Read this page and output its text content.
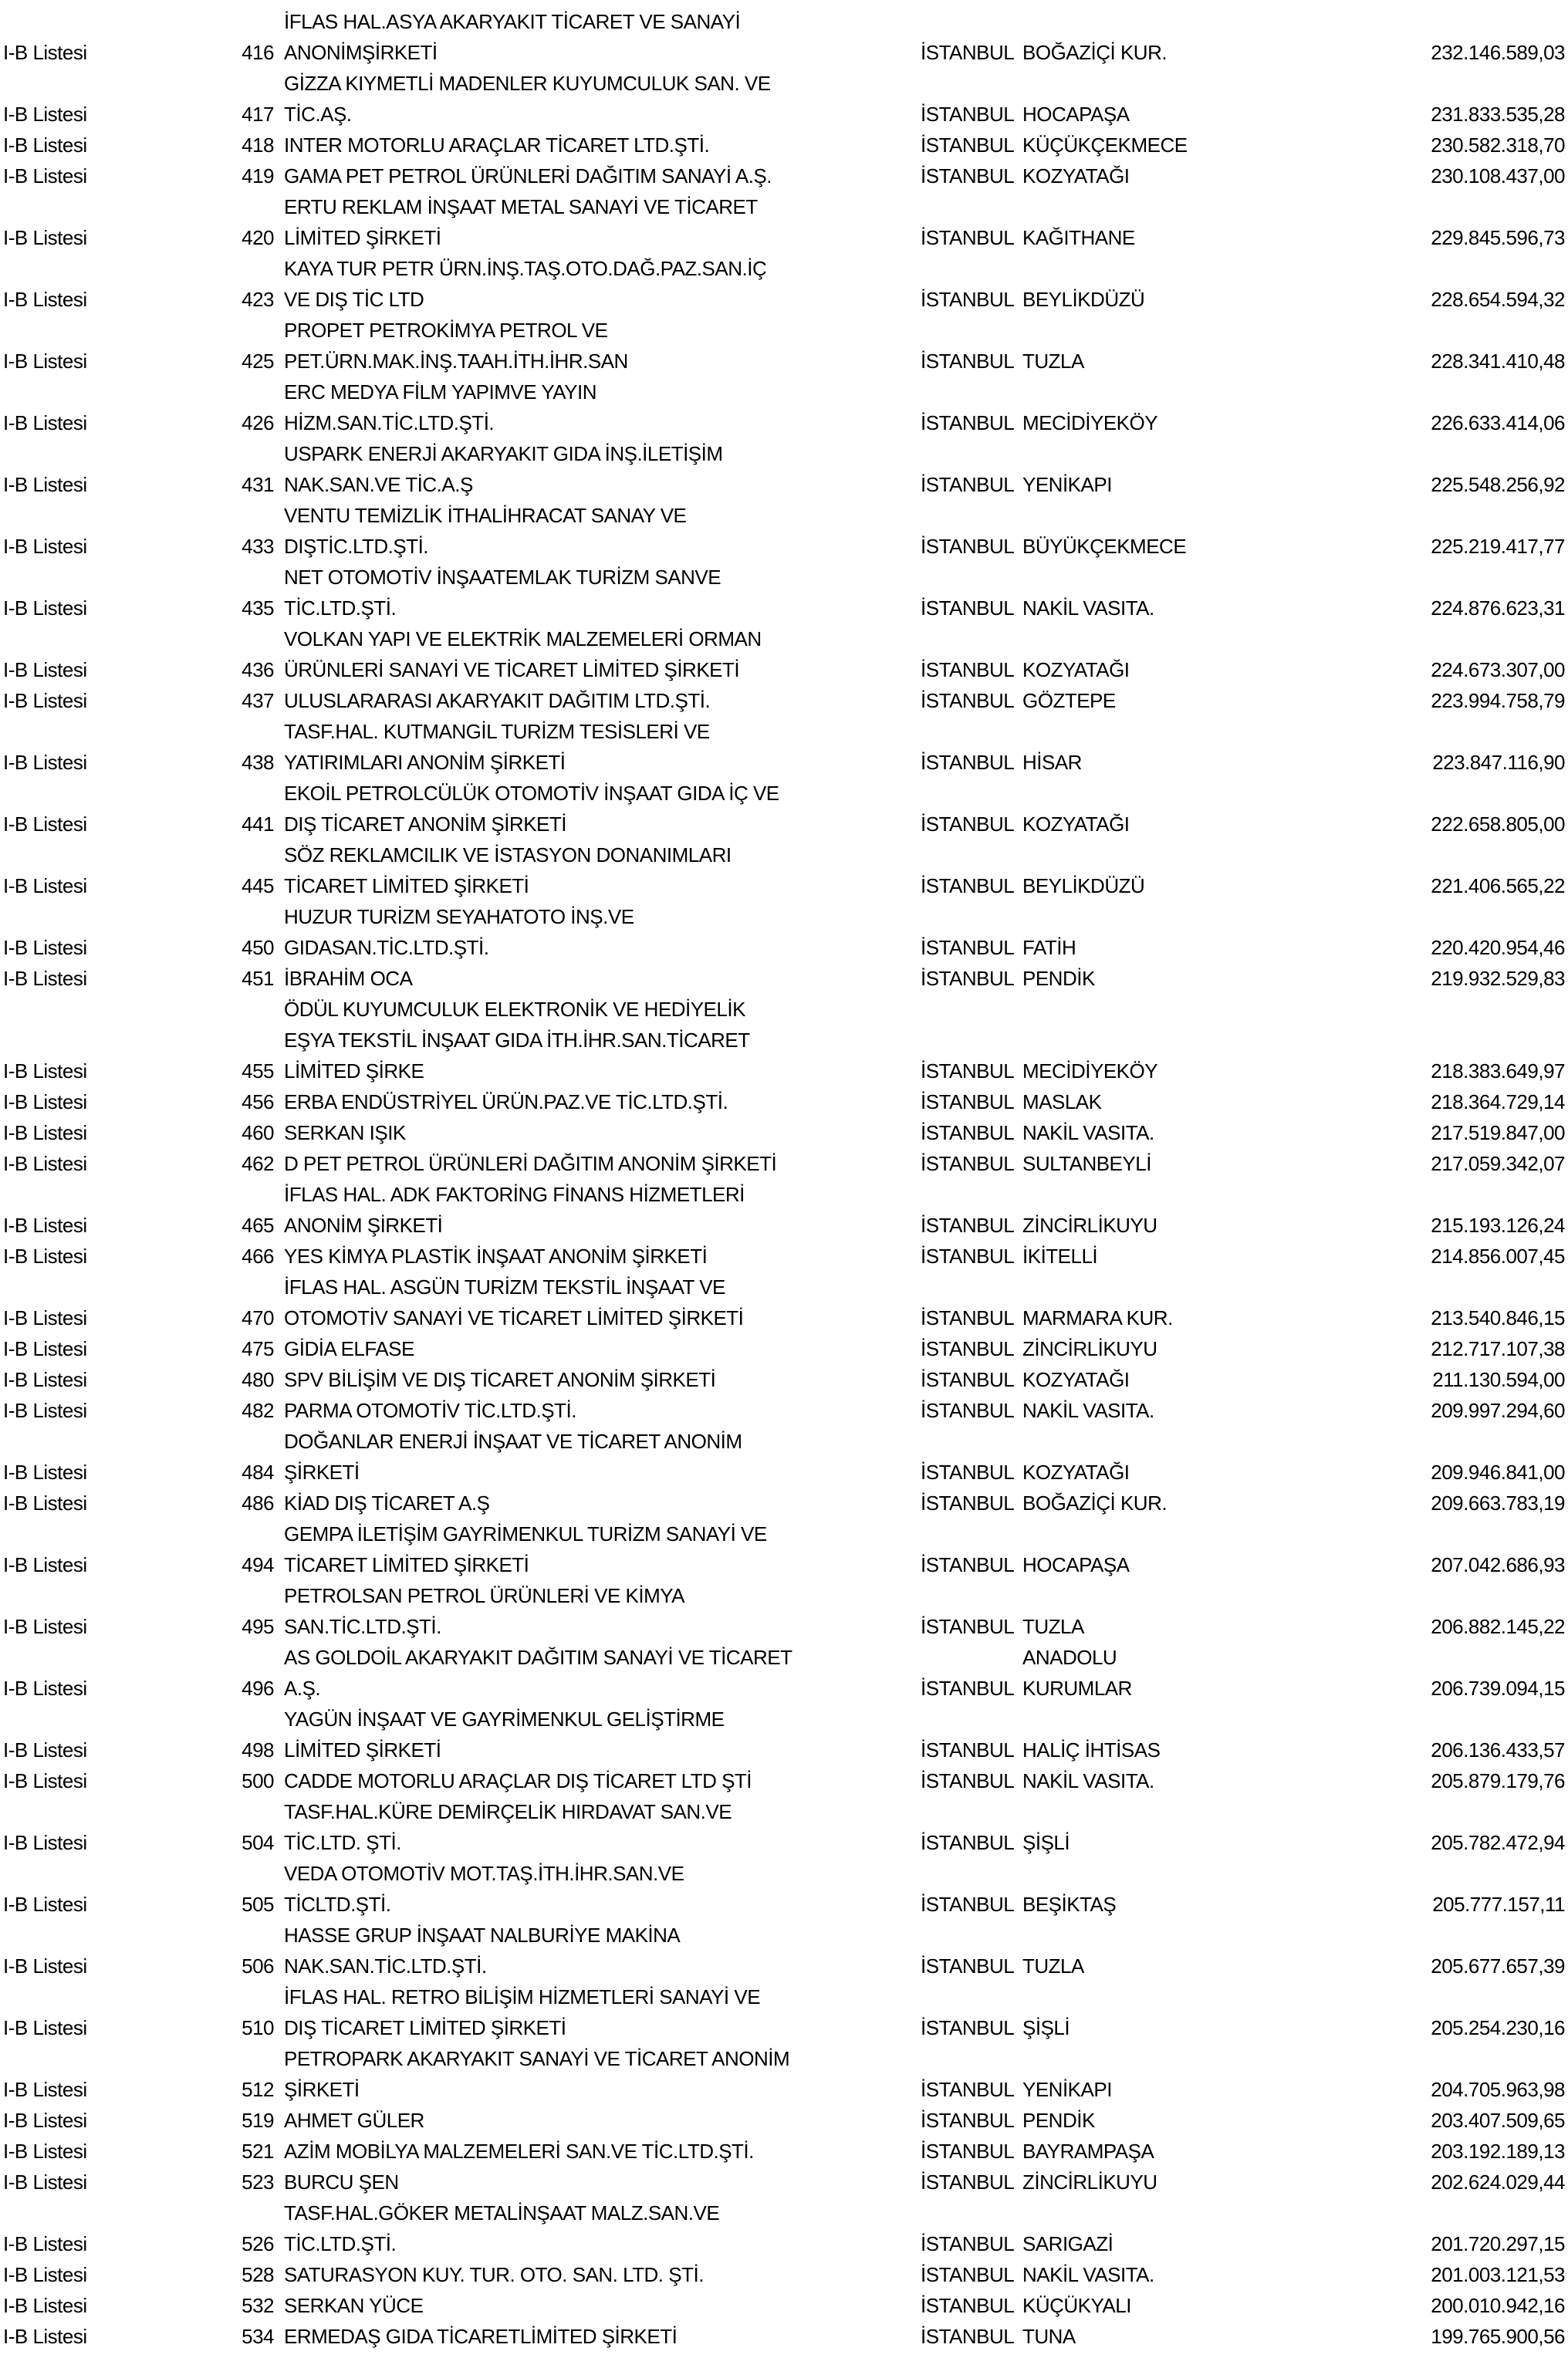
İFLAS HAL.ASYA AKARYAKIT TİCARET VE SANAYİ
I-B Listesi	416 ANONİMŞİRKETİ	İSTANBUL BOĞAZİÇİ KUR.	232.146.589,03
GİZZA KIYMETLİ MADENLER KUYUMCULUK SAN. VE
I-B Listesi	417 TİC.AŞ.	İSTANBUL HOCAPAŞA	231.833.535,28
I-B Listesi	418 INTER MOTORLU ARAÇLAR TİCARET LTD.ŞTİ.	İSTANBUL KÜÇÜKÇEKMECE	230.582.318,70
I-B Listesi	419 GAMA PET PETROL ÜRÜNLERİ DAĞITIM SANAYİ A.Ş.	İSTANBUL KOZYATAĞI	230.108.437,00
ERTU REKLAM İNŞAAT METAL SANAYİ VE TİCARET
I-B Listesi	420 LİMİTED ŞİRKETİ	İSTANBUL KAĞITHANE	229.845.596,73
KAYA TUR PETR ÜRN.İNŞ.TAŞ.OTO.DAĞ.PAZ.SAN.İÇ
I-B Listesi	423 VE DIŞ TİC LTD	İSTANBUL BEYLİKDÜZÜ	228.654.594,32
PROPET PETROKİMYA PETROL VE
I-B Listesi	425 PET.ÜRN.MAK.İNŞ.TAAH.İTH.İHR.SAN	İSTANBUL TUZLA	228.341.410,48
ERC MEDYA FİLM YAPIMVE YAYIN
I-B Listesi	426 HİZM.SAN.TİC.LTD.ŞTİ.	İSTANBUL MECİDİYEKÖY	226.633.414,06
USPARK ENERJİ AKARYAKIT GIDA İNŞ.İLETİŞİM
I-B Listesi	431 NAK.SAN.VE TİC.A.Ş	İSTANBUL YENİKAPI	225.548.256,92
VENTU TEMİZLİK İTHALİHRACAT SANAY VE
I-B Listesi	433 DIŞTİC.LTD.ŞTİ.	İSTANBUL BÜYÜKÇEKMECE	225.219.417,77
NET OTOMOTİV İNŞAATEMLAK TURİZM SANVE
I-B Listesi	435 TİC.LTD.ŞTİ.	İSTANBUL NAKİL VASITA.	224.876.623,31
VOLKAN YAPI VE ELEKTRİK MALZEMELERİ ORMAN
I-B Listesi	436 ÜRÜNLERİ SANAYİ VE TİCARET LİMİTED ŞİRKETİ	İSTANBUL KOZYATAĞI	224.673.307,00
I-B Listesi	437 ULUSLARARASI AKARYAKIT DAĞITIM LTD.ŞTİ.	İSTANBUL GÖZTEPE	223.994.758,79
TASF.HAL. KUTMANGİL TURİZM TESİSLERİ VE
I-B Listesi	438 YATIRIMLARI ANONİM ŞİRKETİ	İSTANBUL HİSAR	223.847.116,90
EKOİL PETROLCÜLÜK OTOMOTİV İNŞAAT GIDA İÇ VE
I-B Listesi	441 DIŞ TİCARET ANONİM ŞİRKETİ	İSTANBUL KOZYATAĞI	222.658.805,00
SÖZ REKLAMCILIK VE İSTASYON DONANIMLARI
I-B Listesi	445 TİCARET LİMİTED ŞİRKETİ	İSTANBUL BEYLİKDÜZÜ	221.406.565,22
HUZUR TURİZM SEYAHATOTO İNŞ.VE
I-B Listesi	450 GIDASAN.TİC.LTD.ŞTİ.	İSTANBUL FATİH	220.420.954,46
I-B Listesi	451 İBRAHİM OCA	İSTANBUL PENDİK	219.932.529,83
ÖDÜL KUYUMCULUK ELEKTRONİK VE HEDİYELİK
EŞYA TEKSTİL İNŞAAT GIDA İTH.İHR.SAN.TİCARET
I-B Listesi	455 LİMİTED ŞİRKE	İSTANBUL MECİDİYEKÖY	218.383.649,97
I-B Listesi	456 ERBA ENDÜSTRİYEL ÜRÜN.PAZ.VE TİC.LTD.ŞTİ.	İSTANBUL MASLAK	218.364.729,14
I-B Listesi	460 SERKAN IŞIK	İSTANBUL NAKİL VASITA.	217.519.847,00
I-B Listesi	462 D PET PETROL ÜRÜNLERİ DAĞITIM ANONİM ŞİRKETİ	İSTANBUL SULTANBEYLİ	217.059.342,07
İFLAS HAL. ADK FAKTORİNG FİNANS HİZMETLERİ
I-B Listesi	465 ANONİM ŞİRKETİ	İSTANBUL ZİNCİRLİKUYU	215.193.126,24
I-B Listesi	466 YES KİMYA PLASTİK İNŞAAT ANONİM ŞİRKETİ	İSTANBUL İKİTELLİ	214.856.007,45
İFLAS HAL. ASGÜN TURİZM TEKSTİL İNŞAAT VE
I-B Listesi	470 OTOMOTİV SANAYİ VE TİCARET LİMİTED ŞİRKETİ	İSTANBUL MARMARA KUR.	213.540.846,15
I-B Listesi	475 GİDİA ELFASE	İSTANBUL ZİNCİRLİKUYU	212.717.107,38
I-B Listesi	480 SPV BİLİŞİM VE DIŞ TİCARET ANONİM ŞİRKETİ	İSTANBUL KOZYATAĞI	211.130.594,00
I-B Listesi	482 PARMA OTOMOTİV TİC.LTD.ŞTİ.	İSTANBUL NAKİL VASITA.	209.997.294,60
DOĞANLAR ENERJİ İNŞAAT VE TİCARET ANONİM
I-B Listesi	484 ŞİRKETİ	İSTANBUL KOZYATAĞI	209.946.841,00
I-B Listesi	486 KİAD DIŞ TİCARET A.Ş	İSTANBUL BOĞAZİÇİ KUR.	209.663.783,19
GEMPA İLETİŞİM GAYRİMENKUL TURİZM SANAYİ VE
I-B Listesi	494 TİCARET LİMİTED ŞİRKETİ	İSTANBUL HOCAPAŞA	207.042.686,93
PETROLSAN PETROL ÜRÜNLERİ VE KİMYA
I-B Listesi	495 SAN.TİC.LTD.ŞTİ.	İSTANBUL TUZLA	206.882.145,22
AS GOLDOİL AKARYAKIT DAĞITIM SANAYİ VE TİCARET	ANADOLU
I-B Listesi	496 A.Ş.	İSTANBUL KURUMLAR	206.739.094,15
YAGÜN İNŞAAT VE GAYRİMENKUL GELİŞTİRME
I-B Listesi	498 LİMİTED ŞİRKETİ	İSTANBUL HALİÇ İHTİSAS	206.136.433,57
I-B Listesi	500 CADDE MOTORLU ARAÇLAR DIŞ TİCARET LTD ŞTİ	İSTANBUL NAKİL VASITA.	205.879.179,76
TASF.HAL.KÜRE DEMİRÇELİK HIRDAVAT SAN.VE
I-B Listesi	504 TİC.LTD. ŞTİ.	İSTANBUL ŞİŞLİ	205.782.472,94
VEDA OTOMOTİV MOT.TAŞ.İTH.İHR.SAN.VE
I-B Listesi	505 TİCLTD.ŞTİ.	İSTANBUL BEŞİKTAŞ	205.777.157,11
HASSE GRUP İNŞAAT NALBURİYE MAKİNA
I-B Listesi	506 NAK.SAN.TİC.LTD.ŞTİ.	İSTANBUL TUZLA	205.677.657,39
İFLAS HAL. RETRO BİLİŞİM HİZMETLERİ SANAYİ VE
I-B Listesi	510 DIŞ TİCARET LİMİTED ŞİRKETİ	İSTANBUL ŞİŞLİ	205.254.230,16
PETROPARK AKARYAKIT SANAYİ VE TİCARET ANONİM
I-B Listesi	512 ŞİRKETİ	İSTANBUL YENİKAPI	204.705.963,98
I-B Listesi	519 AHMET GÜLER	İSTANBUL PENDİK	203.407.509,65
I-B Listesi	521 AZİM MOBİLYA MALZEMELERİ SAN.VE TİC.LTD.ŞTİ.	İSTANBUL BAYRAMPAŞA	203.192.189,13
I-B Listesi	523 BURCU ŞEN	İSTANBUL ZİNCİRLİKUYU	202.624.029,44
TASF.HAL.GÖKER METALİNŞAAT MALZ.SAN.VE
I-B Listesi	526 TİC.LTD.ŞTİ.	İSTANBUL SARIGAZİ	201.720.297,15
I-B Listesi	528 SATURASYON KUY. TUR. OTO. SAN. LTD. ŞTİ.	İSTANBUL NAKİL VASITA.	201.003.121,53
I-B Listesi	532 SERKAN YÜCE	İSTANBUL KÜÇÜKYALI	200.010.942,16
I-B Listesi	534 ERMEDAŞ GIDA TİCARETLİMİTED ŞİRKETİ	İSTANBUL TUNA	199.765.900,56
